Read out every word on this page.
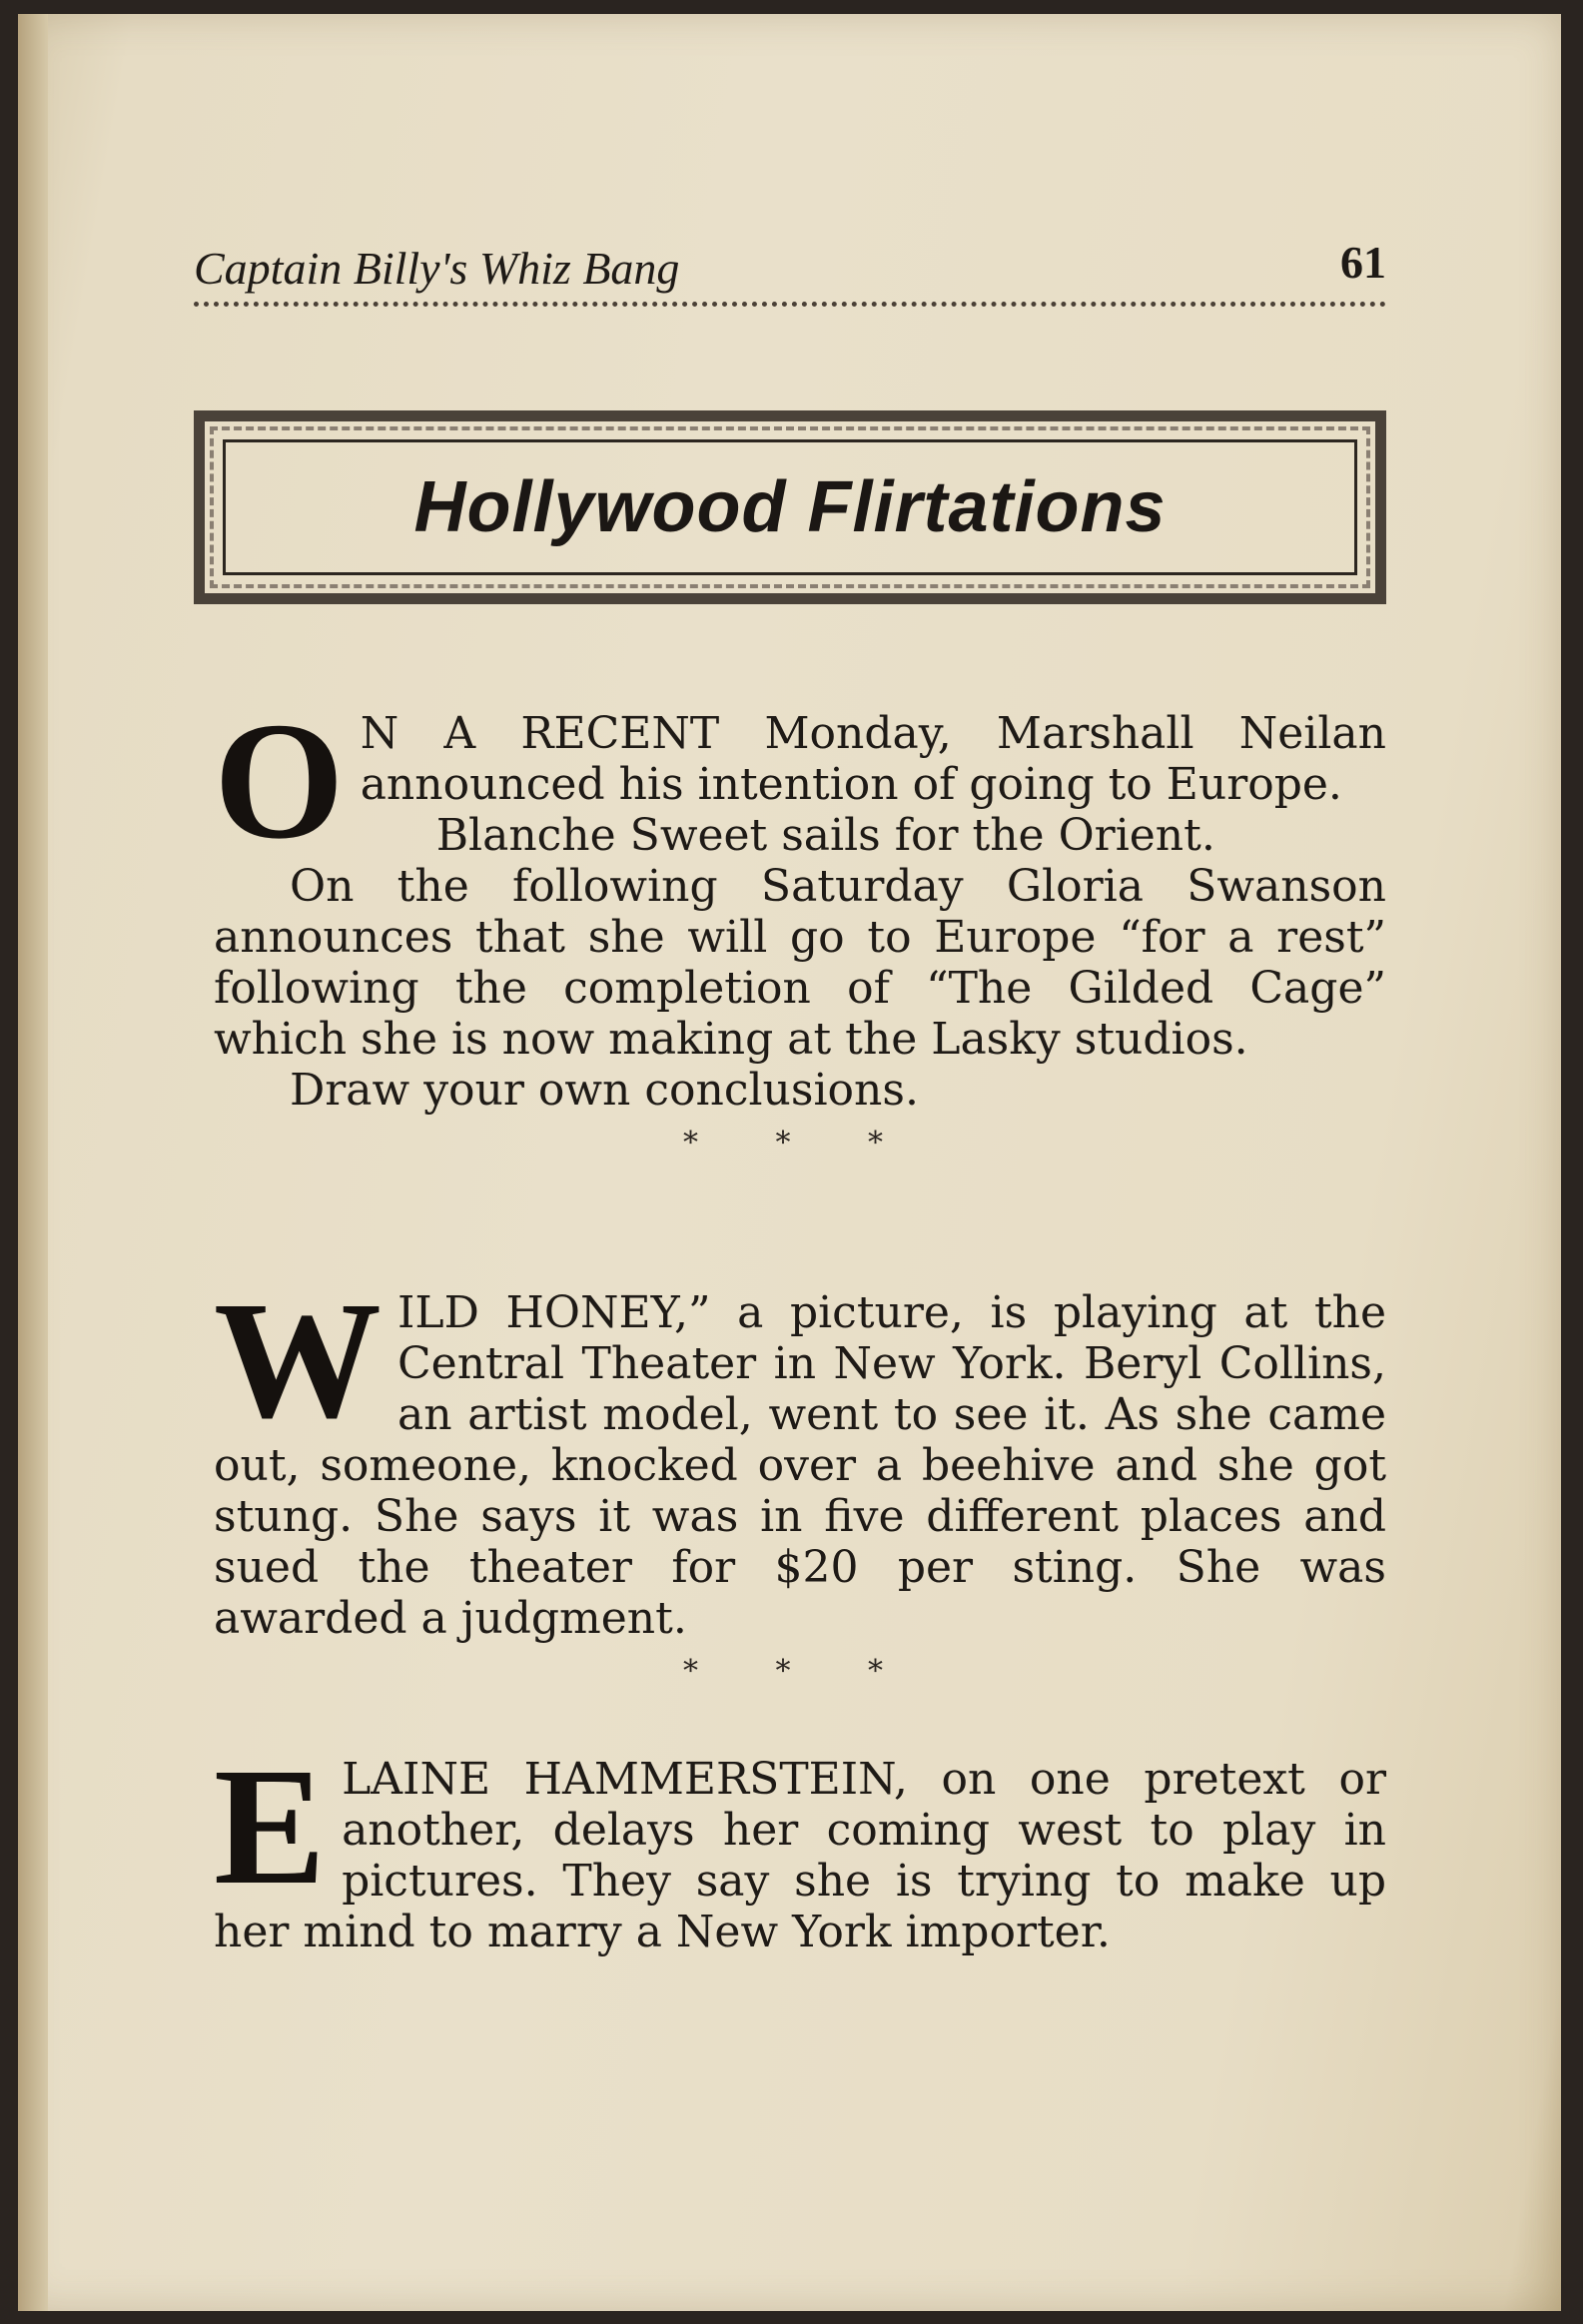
Captain Billy's Whiz Bang	61
Hollywood Flirtations

O N A RECENT Monday, Marshall Neilan announced his intention of going to Europe.

Blanche Sweet sails for the Orient.

On the following Saturday Gloria Swanson announces that she will go to Europe “for a rest” following the completion of “The Gilded Cage” which she is now making at the Lasky studios.

Draw your own conclusions.

* * *

WILD HONEY,” a picture, is playing at the Central Theater in New York. Beryl Collins, an artist model, went to see it. As she came out, someone, knocked over a beehive and she got stung. She says it was in five different places and sued the theater for $20 per sting. She was awarded a judgment.

* * *

ELAINE HAMMERSTEIN, on one pretext or another, delays her coming west to play in pictures. They say she is trying to make up her mind to marry a New York importer.
